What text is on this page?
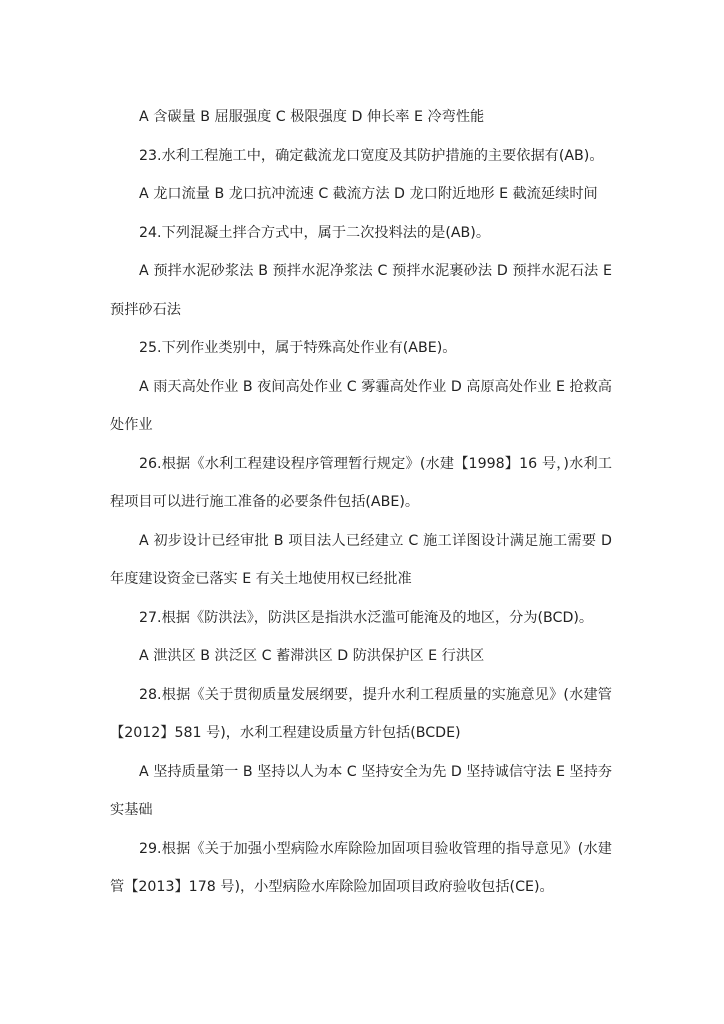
A 含碳量 B 屈服强度 C 极限强度 D 伸长率 E 冷弯性能

23.水利工程施工中，确定截流龙口宽度及其防护措施的主要依据有(AB)。

A 龙口流量 B 龙口抗冲流速 C 截流方法 D 龙口附近地形 E 截流延续时间

24.下列混凝土拌合方式中，属于二次投料法的是(AB)。

A 预拌水泥砂浆法 B 预拌水泥净浆法 C 预拌水泥裹砂法 D 预拌水泥石法 E 预拌砂石法

25.下列作业类别中，属于特殊高处作业有(ABE)。

A 雨天高处作业 B 夜间高处作业 C 雾霾高处作业 D 高原高处作业 E 抢救高处作业

26.根据《水利工程建设程序管理暂行规定》(水建【1998】16 号，)水利工程项目可以进行施工准备的必要条件包括(ABE)。

A 初步设计已经审批 B 项目法人已经建立 C 施工详图设计满足施工需要 D 年度建设资金已落实 E 有关土地使用权已经批准

27.根据《防洪法》，防洪区是指洪水泛滥可能淹及的地区，分为(BCD)。

A 泄洪区 B 洪泛区 C 蓄滞洪区 D 防洪保护区 E 行洪区

28.根据《关于贯彻质量发展纲要，提升水利工程质量的实施意见》(水建管【2012】581 号)，水利工程建设质量方针包括(BCDE)

A 坚持质量第一 B 坚持以人为本 C 坚持安全为先 D 坚持诚信守法 E 坚持夯实基础

29.根据《关于加强小型病险水库除险加固项目验收管理的指导意见》(水建管【2013】178 号)，小型病险水库除险加固项目政府验收包括(CE)。
